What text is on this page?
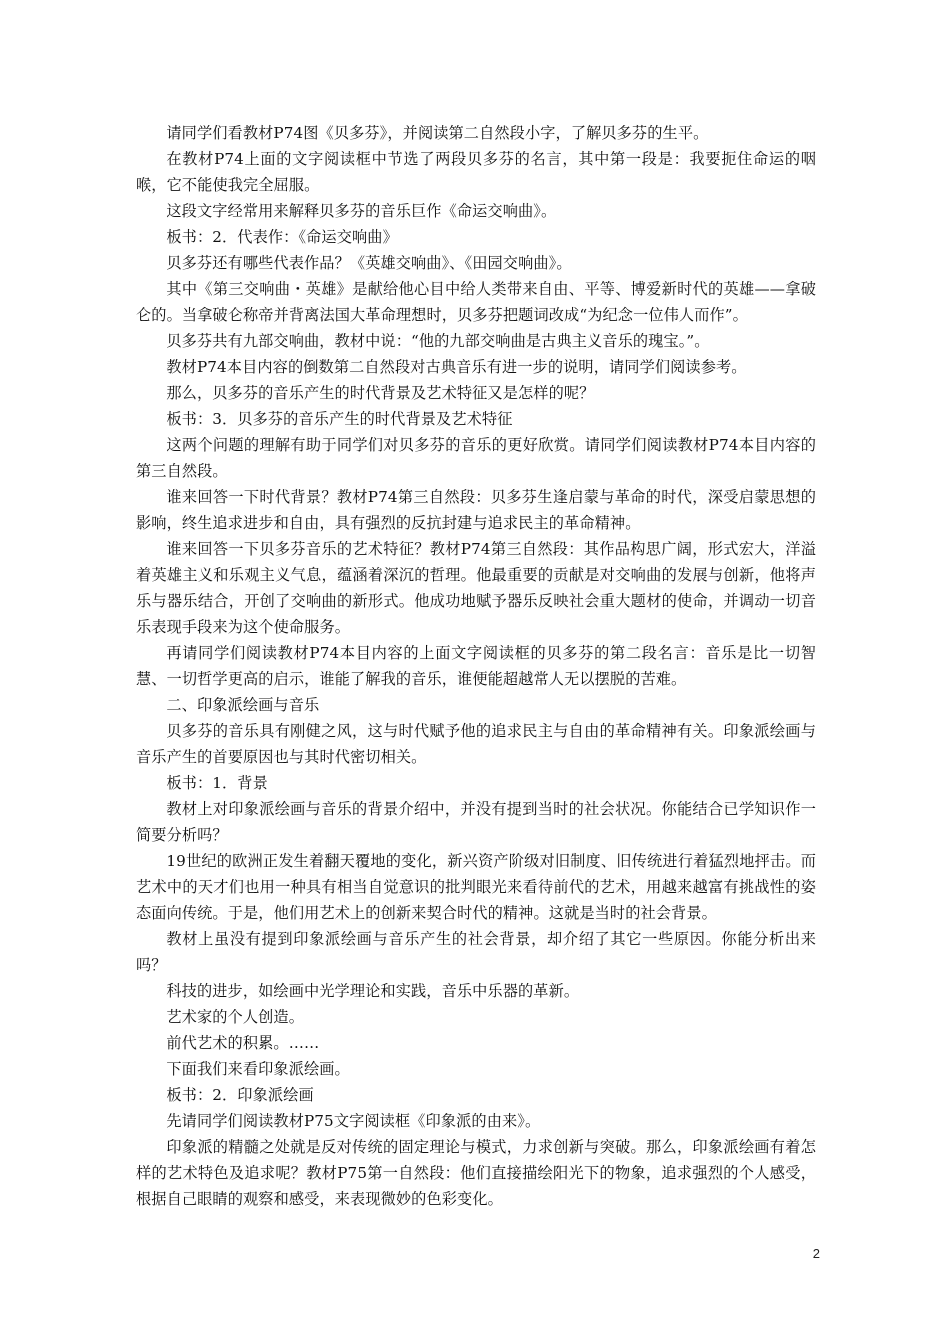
请同学们看教材P74图《贝多芬》，并阅读第二自然段小字，了解贝多芬的生平。

在教材P74上面的文字阅读框中节选了两段贝多芬的名言，其中第一段是：我要扼住命运的咽喉，它不能使我完全屈服。

这段文字经常用来解释贝多芬的音乐巨作《命运交响曲》。

板书：2．代表作：《命运交响曲》

贝多芬还有哪些代表作品？《英雄交响曲》、《田园交响曲》。

其中《第三交响曲・英雄》是献给他心目中给人类带来自由、平等、博爱新时代的英雄——拿破仑的。当拿破仑称帝并背离法国大革命理想时，贝多芬把题词改成“为纪念一位伟人而作”。

贝多芬共有九部交响曲，教材中说：“他的九部交响曲是古典主义音乐的瑰宝。”。

教材P74本目内容的倒数第二自然段对古典音乐有进一步的说明，请同学们阅读参考。

那么，贝多芬的音乐产生的时代背景及艺术特征又是怎样的呢？

板书：3．贝多芬的音乐产生的时代背景及艺术特征

这两个问题的理解有助于同学们对贝多芬的音乐的更好欣赏。请同学们阅读教材P74本目内容的第三自然段。

谁来回答一下时代背景？教材P74第三自然段：贝多芬生逢启蒙与革命的时代，深受启蒙思想的影响，终生追求进步和自由，具有强烈的反抗封建与追求民主的革命精神。

谁来回答一下贝多芬音乐的艺术特征？教材P74第三自然段：其作品构思广阔，形式宏大，洋溢着英雄主义和乐观主义气息，蕴涵着深沉的哲理。他最重要的贡献是对交响曲的发展与创新，他将声乐与器乐结合，开创了交响曲的新形式。他成功地赋予器乐反映社会重大题材的使命，并调动一切音乐表现手段来为这个使命服务。

再请同学们阅读教材P74本目内容的上面文字阅读框的贝多芬的第二段名言：音乐是比一切智慧、一切哲学更高的启示，谁能了解我的音乐，谁便能超越常人无以摆脱的苦难。

二、印象派绘画与音乐

贝多芬的音乐具有刚健之风，这与时代赋予他的追求民主与自由的革命精神有关。印象派绘画与音乐产生的首要原因也与其时代密切相关。

板书：1．背景

教材上对印象派绘画与音乐的背景介绍中，并没有提到当时的社会状况。你能结合已学知识作一简要分析吗？

19世纪的欧洲正发生着翻天覆地的变化，新兴资产阶级对旧制度、旧传统进行着猛烈地抨击。而艺术中的天才们也用一种具有相当自觉意识的批判眼光来看待前代的艺术，用越来越富有挑战性的姿态面向传统。于是，他们用艺术上的创新来契合时代的精神。这就是当时的社会背景。

教材上虽没有提到印象派绘画与音乐产生的社会背景，却介绍了其它一些原因。你能分析出来吗？

科技的进步，如绘画中光学理论和实践，音乐中乐器的革新。

艺术家的个人创造。

前代艺术的积累。……

下面我们来看印象派绘画。

板书：2．印象派绘画

先请同学们阅读教材P75文字阅读框《印象派的由来》。

印象派的精髓之处就是反对传统的固定理论与模式，力求创新与突破。那么，印象派绘画有着怎样的艺术特色及追求呢？教材P75第一自然段：他们直接描绘阳光下的物象，追求强烈的个人感受，根据自己眼睛的观察和感受，来表现微妙的色彩变化。

2
